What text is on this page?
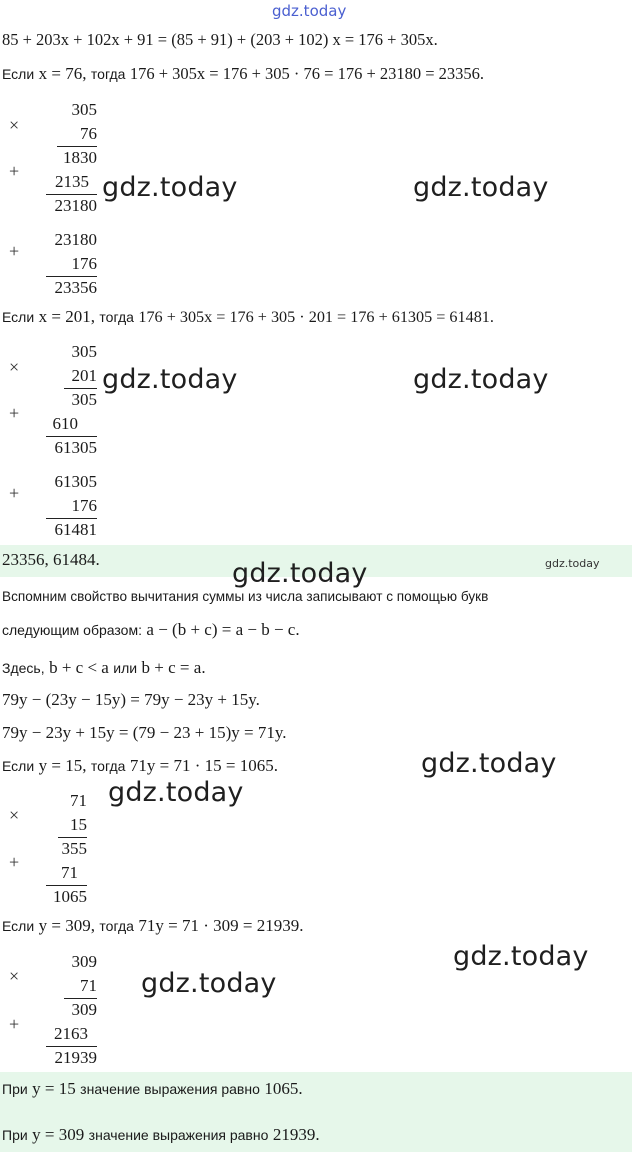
gdz.today
85 + 203x + 102x + 91 = (85 + 91) + (203 + 102) x = 176 + 305x.
Если x = 76, тогда 176 + 305x = 176 + 305 · 76 = 176 + 23180 = 23356.
×
+
305
76
1830
2135
23180
gdz.today	gdz.today
+
23180
176
23356
Если x = 201, тогда 176 + 305x = 176 + 305 · 201 = 176 + 61305 = 61481.
×
+
305
201
305
610
61305
gdz.today	gdz.today
+
61305
176
61481
23356, 61484.	gdz.today
gdz.today
Вспомним свойство вычитания суммы из числа записывают с помощью букв
следующим образом: a − (b + c) = a − b − c.
Здесь, b + c < a или b + c = a.
79y − (23y − 15y) = 79y − 23y + 15y.
79y − 23y + 15y = (79 − 23 + 15)y = 71y.
Если y = 15, тогда 71y = 71 · 15 = 1065.	gdz.today
×
+
71
15
355
71
1065
gdz.today
Если y = 309, тогда 71y = 71 · 309 = 21939.
gdz.today
×
+
309
71
309
2163
21939
gdz.today
При y = 15 значение выражения равно 1065.
При y = 309 значение выражения равно 21939.
